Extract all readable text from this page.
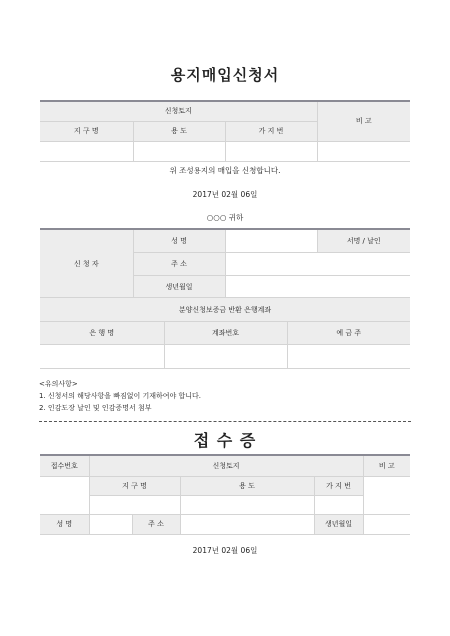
용지매입신청서
신청토지			비 고
지 구 명	용 도	가 지 번	

위 조성용지의 매입을 신청합니다.
2017년 02월 06일
○○○ 귀하
신 청 자	성 명		서명 / 날인
	주 소		
	생년월일		
분양신청보증금 반환 은행계좌		
은 행 명	계좌번호	예 금 주

<유의사항>
1. 신청서의 해당사항을 빠짐없이 기재하여야 합니다.
2. 인감도장 날인 및 인감증명서 첨부
접 수 증
접수번호	신청토지				비 고
	지 구 명		용 도	가 지 번	

성 명		주 소		생년월일	
2017년 02월 06일
